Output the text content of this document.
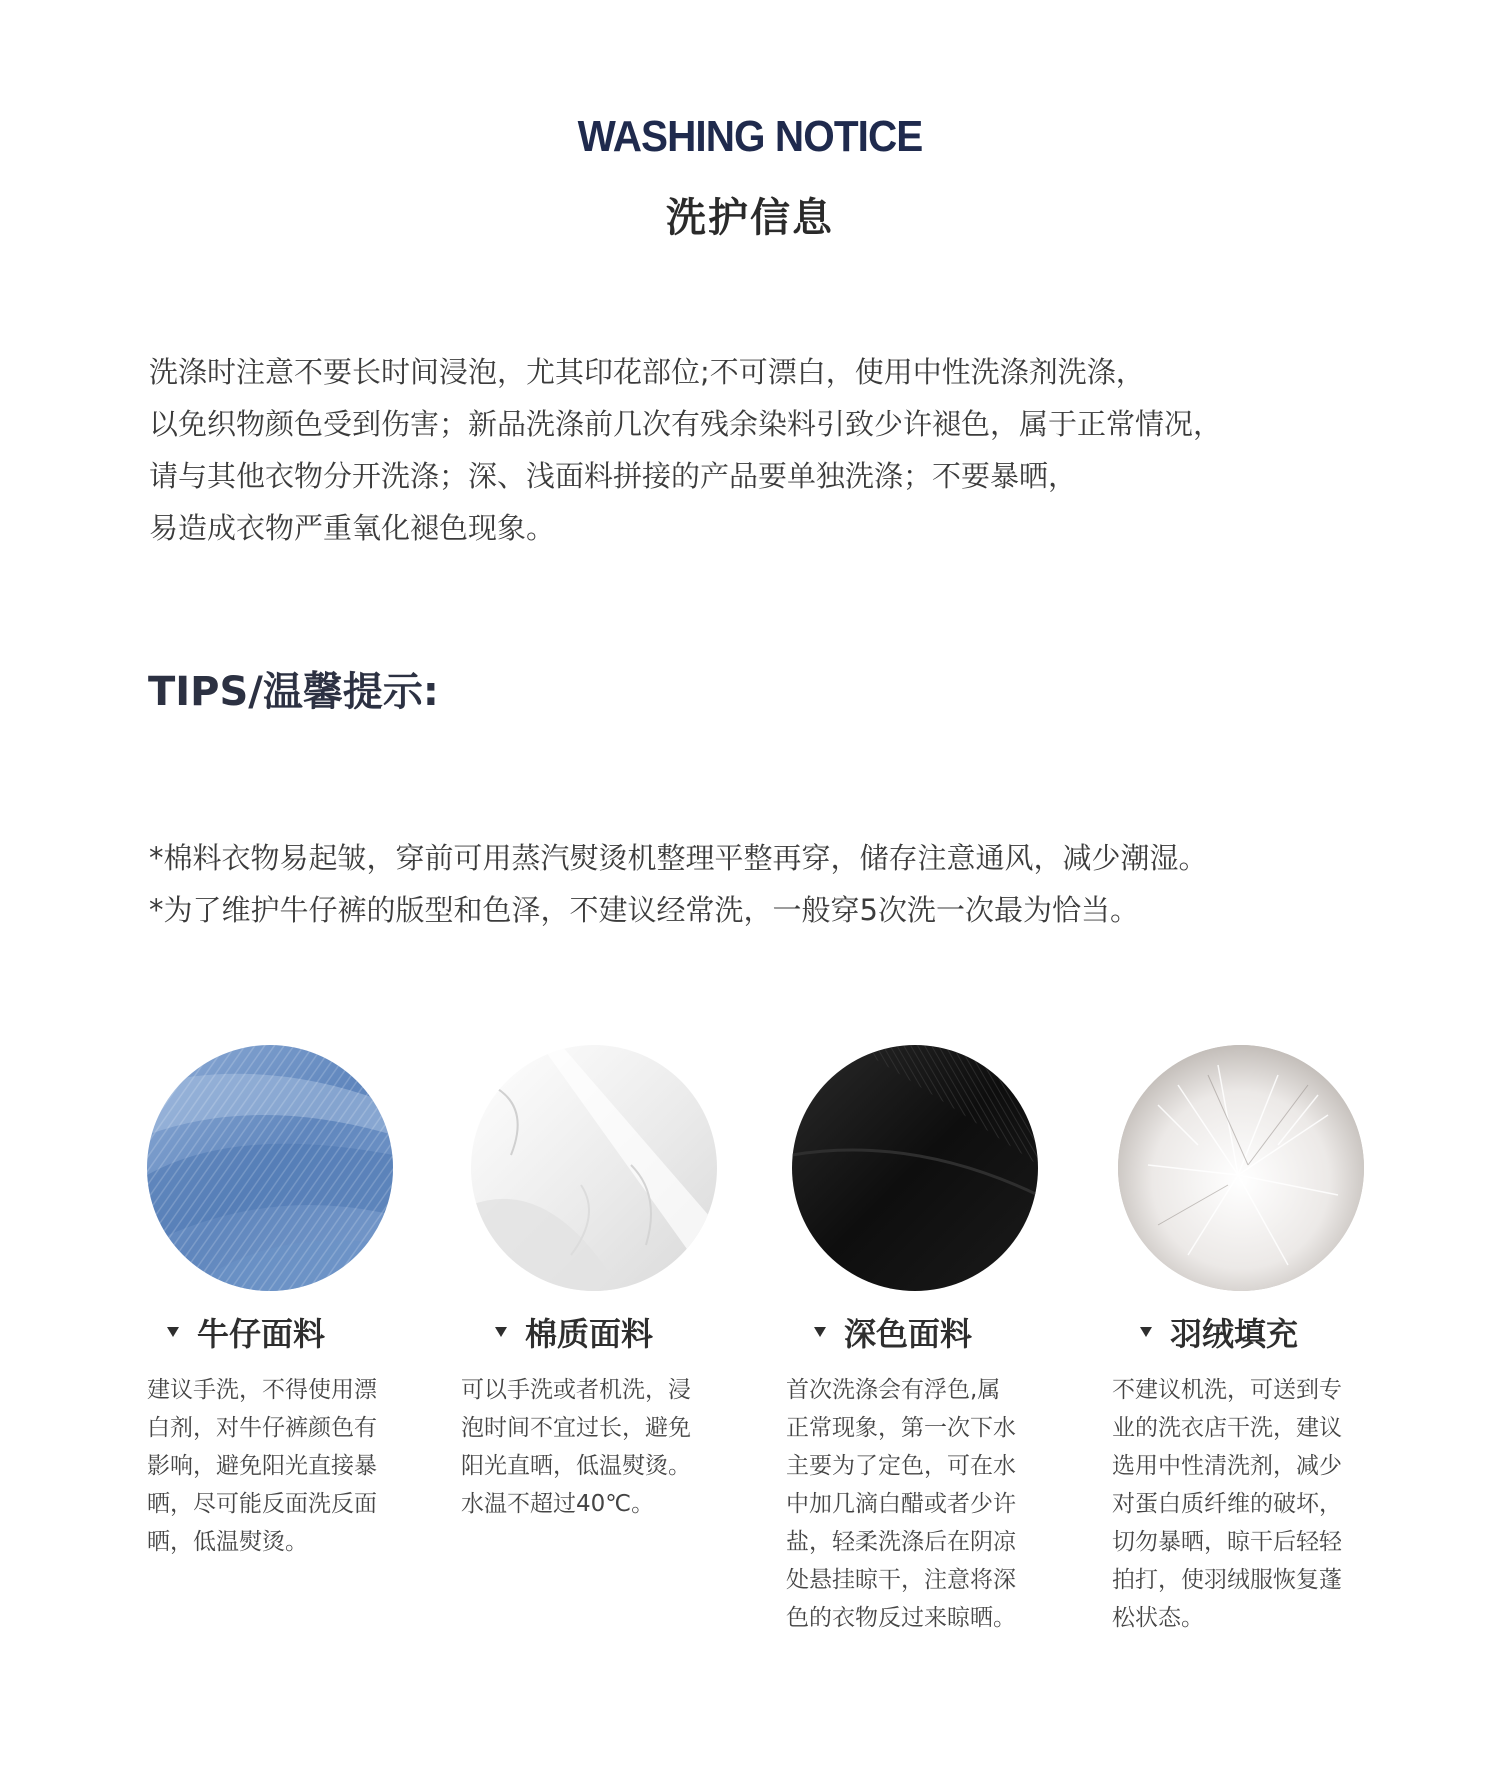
WASHING NOTICE
洗护信息
洗涤时注意不要长时间浸泡，尤其印花部位;不可漂白，使用中性洗涤剂洗涤，
以免织物颜色受到伤害；新品洗涤前几次有残余染料引致少许褪色，属于正常情况，
请与其他衣物分开洗涤；深、浅面料拼接的产品要单独洗涤；不要暴晒，
易造成衣物严重氧化褪色现象。
TIPS/温馨提示:
*棉料衣物易起皱，穿前可用蒸汽熨烫机整理平整再穿，储存注意通风，减少潮湿。
*为了维护牛仔裤的版型和色泽，不建议经常洗，一般穿5次洗一次最为恰当。
牛仔面料
建议手洗，不得使用漂
白剂，对牛仔裤颜色有
影响，避免阳光直接暴
晒，尽可能反面洗反面
晒，低温熨烫。
棉质面料
可以手洗或者机洗，浸
泡时间不宜过长，避免
阳光直晒，低温熨烫。
水温不超过40℃。
深色面料
首次洗涤会有浮色,属
正常现象，第一次下水
主要为了定色，可在水
中加几滴白醋或者少许
盐，轻柔洗涤后在阴凉
处悬挂晾干，注意将深
色的衣物反过来晾晒。
羽绒填充
不建议机洗，可送到专
业的洗衣店干洗，建议
选用中性清洗剂，减少
对蛋白质纤维的破坏，
切勿暴晒，晾干后轻轻
拍打，使羽绒服恢复蓬
松状态。
